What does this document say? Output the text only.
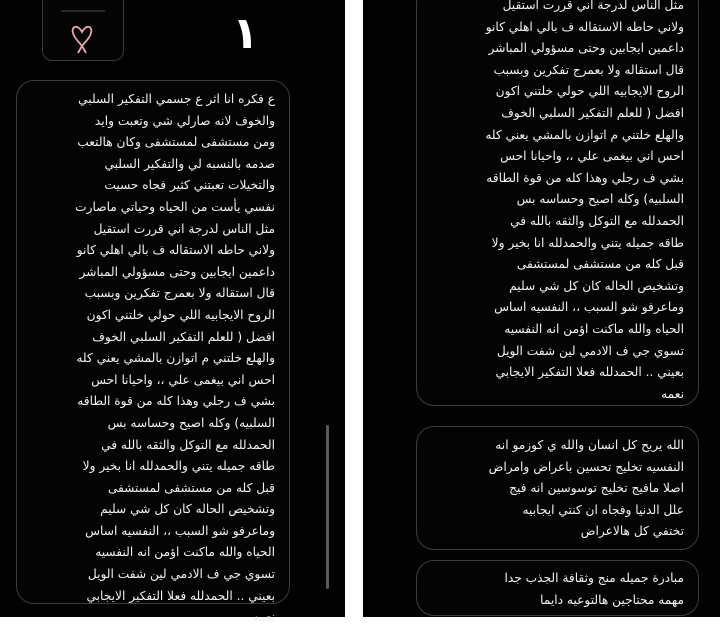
١
ع فكره انا اثر ع جسمي التفكير السلبي
والخوف لانه صارلي شي وتعبت وايد
ومن مستشفى لمستشفى وكان هالتعب
صدمه بالنسبه لي والتفكير السلبي
والتخيلات تعبتني كثير فجاه حسيت
نفسي يأست من الحياه وحياتي ماصارت
مثل الناس لدرجة اني قررت استقيل
ولاني حاطه الاستقاله ف بالي اهلي كانو
داعمين ايجابين وحتى مسؤولي المباشر
قال استقاله ولا بعمرج تفكرين وبسبب
الروح الايجابيه اللي حولي خلتني اكون
افضل ( للعلم التفكير السلبي الخوف
والهلع خلتني م اتوازن بالمشي يعني كله
احس اني بيغمى علي ،، واحيانا احس
بشي ف رجلي وهذا كله من قوة الطاقه
السلبيه) وكله اصيح وحساسه بس
الحمدلله مع التوكل والثقه بالله في
طاقه جميله يتني والحمدلله انا بخير ولا
قبل كله من مستشفى لمستشفى
وتشخيص الحاله كان كل شي سليم
وماعرفو شو السبب ،، النفسيه اساس
الحياه والله ماكنت اؤمن انه النفسيه
تسوي جي ف الادمي لين شفت الويل
بعيني .. الحمدلله فعلا التفكير الايجابي
نعمه
مثل الناس لدرجة اني قررت استقيل
ولاني حاطه الاستقاله ف بالي اهلي كانو
داعمين ايجابين وحتى مسؤولي المباشر
قال استقاله ولا بعمرج تفكرين وبسبب
الروح الايجابيه اللي حولي خلتني اكون
افضل ( للعلم التفكير السلبي الخوف
والهلع خلتني م اتوازن بالمشي يعني كله
احس اني بيغمى علي ،، واحيانا احس
بشي ف رجلي وهذا كله من قوة الطاقه
السلبيه) وكله اصيح وحساسه بس
الحمدلله مع التوكل والثقه بالله في
طاقه جميله يتني والحمدلله انا بخير ولا
قبل كله من مستشفى لمستشفى
وتشخيص الحاله كان كل شي سليم
وماعرفو شو السبب ،، النفسيه اساس
الحياه والله ماكنت اؤمن انه النفسيه
تسوي جي ف الادمي لين شفت الويل
بعيني .. الحمدلله فعلا التفكير الايجابي
نعمه
الله يريح كل انسان والله ي كوزمو انه
النفسيه تخليج تحسين باعراض وامراض
اصلا مافيج تخليج توسوسين انه فيج
علل الدنيا وفجاه ان كنتي ايجابيه
تختفي كل هالاعراض
مبادرة جميله منج وثقافة الجذب جدا
مهمه محتاجين هالتوعيه دايما
